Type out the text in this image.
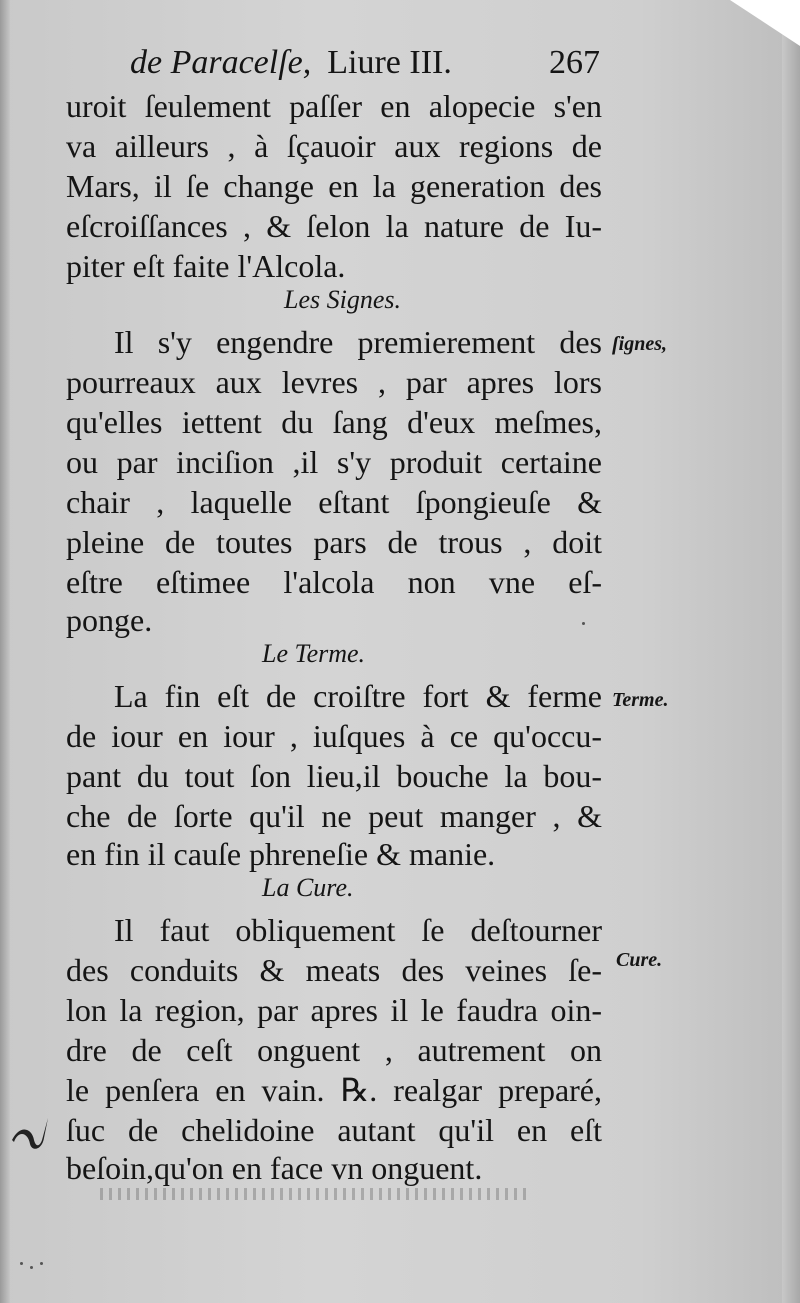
de Paracelſe, Liure III.	267
uroit ſeulement paſſer en alopecie s'en
va ailleurs , à ſçauoir aux regions de
Mars, il ſe change en la generation des
eſcroiſſances , & ſelon la nature de Iu-
piter eſt faite l'Alcola.
Les Signes.
ſignes,
Il s'y engendre premierement des
pourreaux aux levres , par apres lors
qu'elles iettent du ſang d'eux meſmes,
ou par inciſion ,il s'y produit certaine
chair , laquelle eſtant ſpongieuſe &
pleine de toutes pars de trous , doit
eſtre eſtimee l'alcola non vne eſ-
ponge.
Le Terme.
Terme.
La fin eſt de croiſtre fort & ferme
de iour en iour , iuſques à ce qu'occu-
pant du tout ſon lieu,il bouche la bou-
che de ſorte qu'il ne peut manger , &
en fin il cauſe phreneſie & manie.
La Cure.
Cure.
Il faut obliquement ſe deſtourner
des conduits & meats des veines ſe-
lon la region, par apres il le faudra oin-
dre de ceſt onguent , autrement on
le penſera en vain. ℞. realgar preparé,
ſuc de chelidoine autant qu'il en eſt
beſoin,qu'on en face vn onguent.
